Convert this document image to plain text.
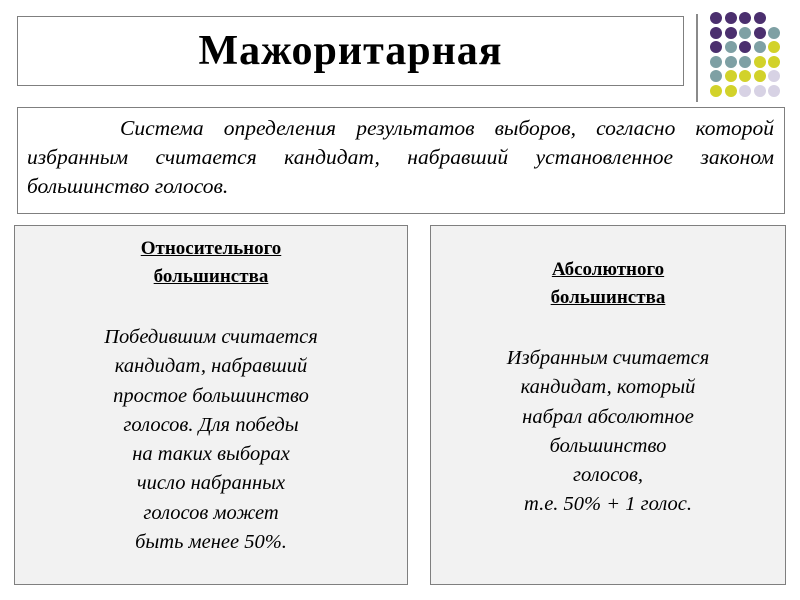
Мажоритарная

Система определения результатов выборов, согласно которой избранным считается кандидат, набравший установленное законом большинство голосов.

Относительного
большинства
Победившим считается
кандидат, набравший
простое большинство
голосов. Для победы
на таких выборах
число набранных
голосов может
быть менее 50%.
Абсолютного
большинства
Избранным считается
кандидат, который
набрал абсолютное
большинство
голосов,
т.е. 50% + 1 голос.
